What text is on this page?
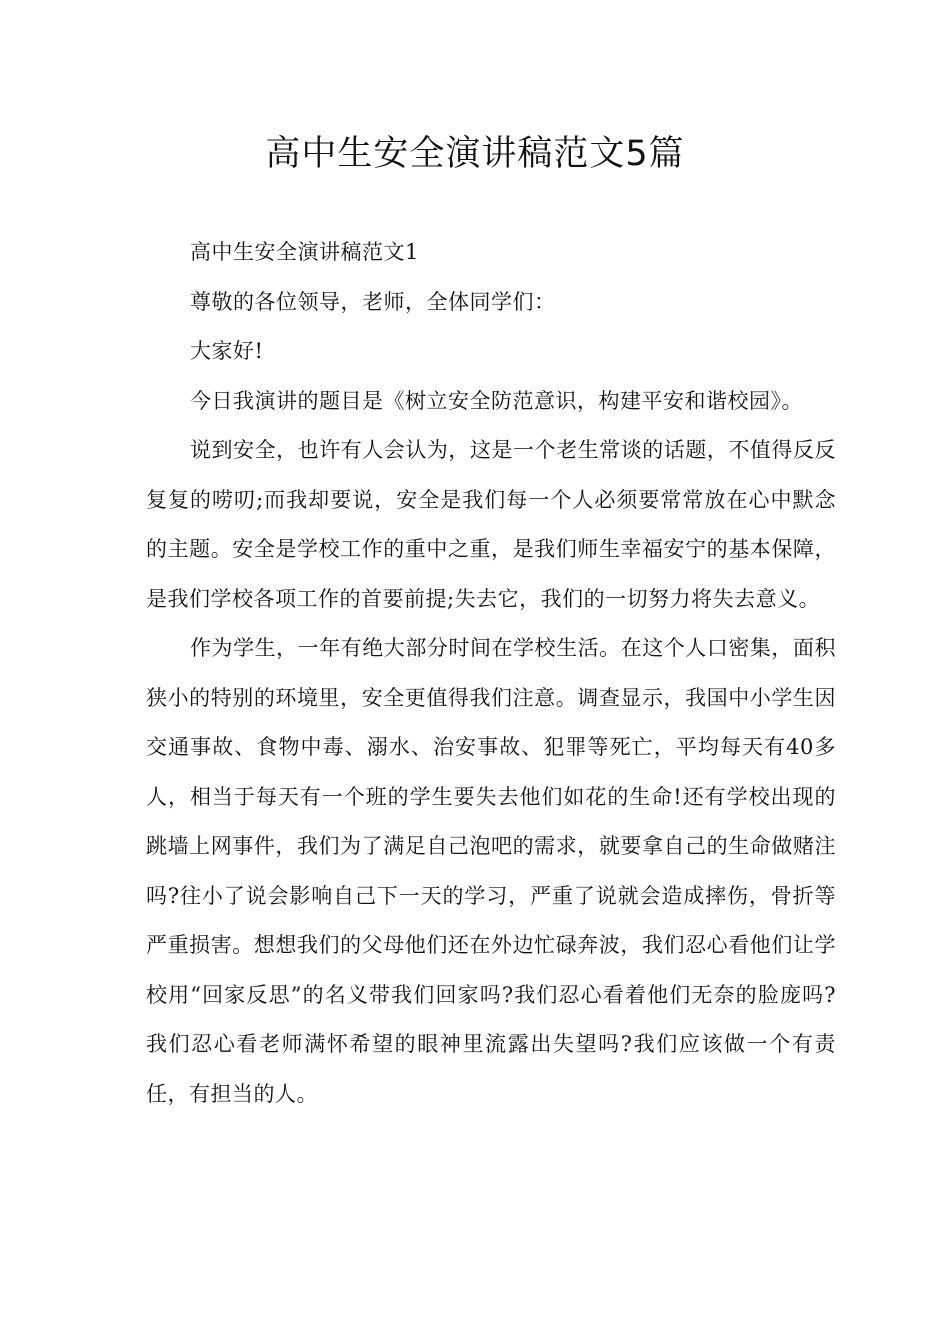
高中生安全演讲稿范文5篇

高中生安全演讲稿范文1

尊敬的各位领导，老师，全体同学们：

大家好!

今日我演讲的题目是《树立安全防范意识，构建平安和谐校园》。

说到安全，也许有人会认为，这是一个老生常谈的话题，不值得反反复复的唠叨;而我却要说，安全是我们每一个人必须要常常放在心中默念的主题。安全是学校工作的重中之重，是我们师生幸福安宁的基本保障，是我们学校各项工作的首要前提;失去它，我们的一切努力将失去意义。

作为学生，一年有绝大部分时间在学校生活。在这个人口密集，面积狭小的特别的环境里，安全更值得我们注意。调查显示，我国中小学生因交通事故、食物中毒、溺水、治安事故、犯罪等死亡，平均每天有40多人，相当于每天有一个班的学生要失去他们如花的生命!还有学校出现的跳墙上网事件，我们为了满足自己泡吧的需求，就要拿自己的生命做赌注吗?往小了说会影响自己下一天的学习，严重了说就会造成摔伤，骨折等严重损害。想想我们的父母他们还在外边忙碌奔波，我们忍心看他们让学校用“回家反思”的名义带我们回家吗?我们忍心看着他们无奈的脸庞吗?我们忍心看老师满怀希望的眼神里流露出失望吗?我们应该做一个有责任，有担当的人。
